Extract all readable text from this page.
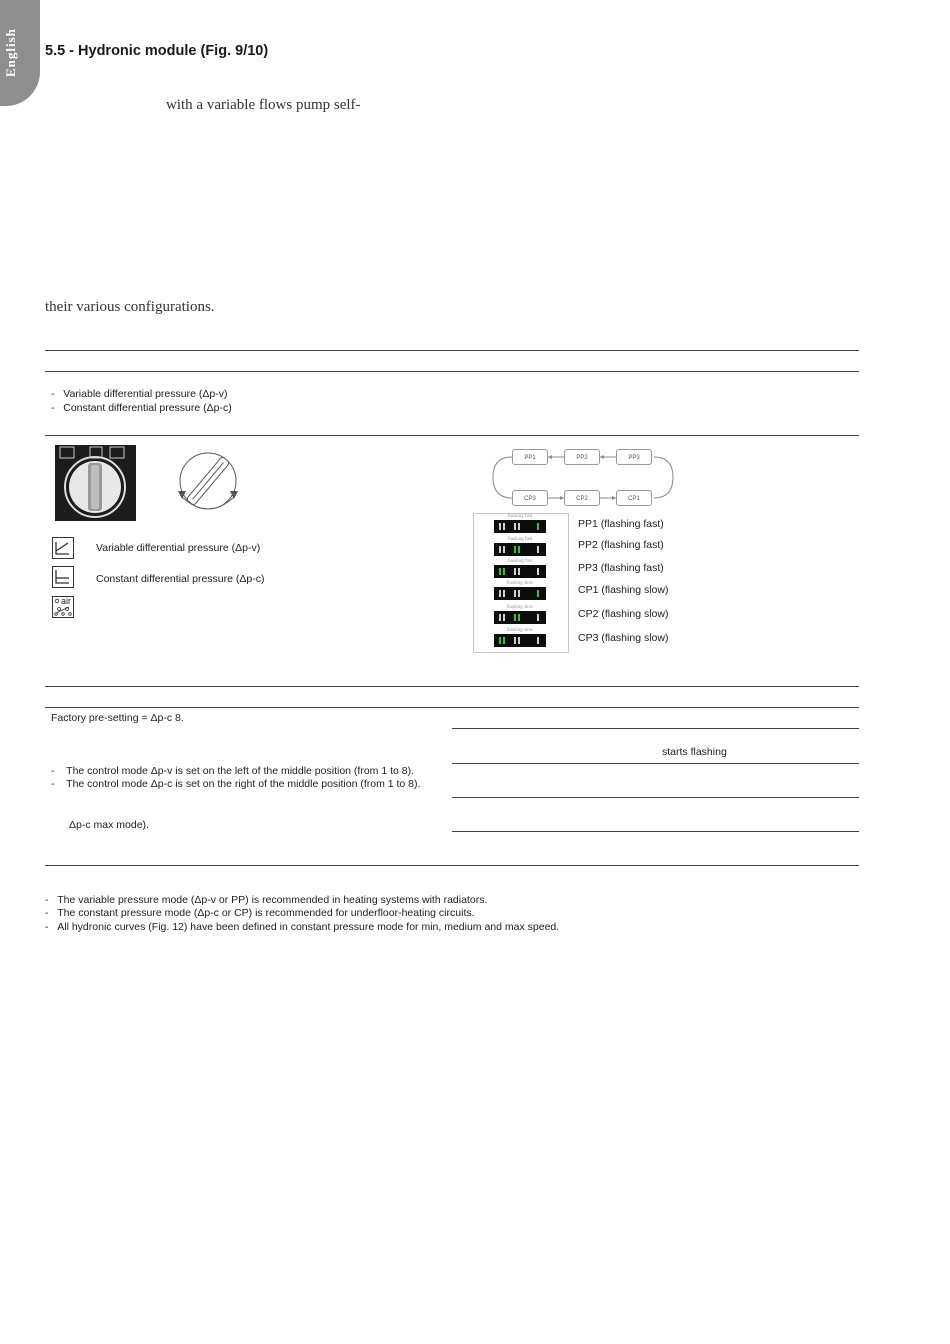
English	5.5 - Hydronic module (Fig. 9/10)
with a variable flows pump self-
their various configurations.
-   Variable differential pressure (Δp-v)
-   Constant differential pressure (Δp-c)
Variable differential pressure (Δp-v)
Constant differential pressure (Δp-c)
air
PP1	PP2	PP3
CP3	CP2	CP1
flashing fast
PP1 (flashing fast)
flashing fast	PP2 (flashing fast)
flashing fast
PP3 (flashing fast)
flashing slow
CP1 (flashing slow)
flashing slow
CP2 (flashing slow)
flashing slow
CP3 (flashing slow)
Factory pre-setting = Δp-c 8.
starts flashing
-    The control mode Δp-v is set on the left of the middle position (from 1 to 8).
-    The control mode Δp-c is set on the right of the middle position (from 1 to 8).
Δp-c max mode).
-   The variable pressure mode (Δp-v or PP) is recommended in heating systems with radiators.
-   The constant pressure mode (Δp-c or CP) is recommended for underfloor-heating circuits.
-   All hydronic curves (Fig. 12) have been defined in constant pressure mode for min, medium and max speed.
